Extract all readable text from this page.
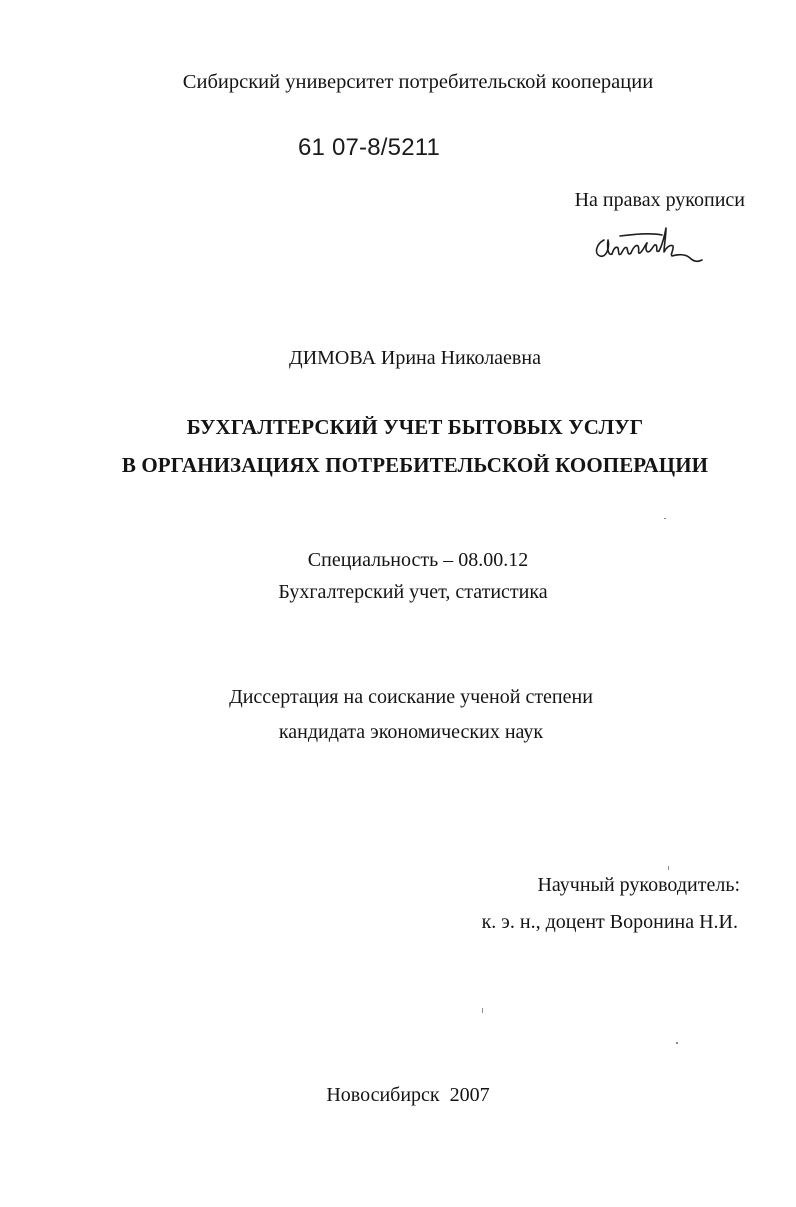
Сибирский университет потребительской кооперации
61 07-8/5211
На правах рукописи
ДИМОВА Ирина Николаевна
БУХГАЛТЕРСКИЙ УЧЕТ БЫТОВЫХ УСЛУГ
В ОРГАНИЗАЦИЯХ ПОТРЕБИТЕЛЬСКОЙ КООПЕРАЦИИ
Специальность – 08.00.12
Бухгалтерский учет, статистика
Диссертация на соискание ученой степени
кандидата экономических наук
Научный руководитель:
к. э. н., доцент Воронина Н.И.
Новосибирск  2007
